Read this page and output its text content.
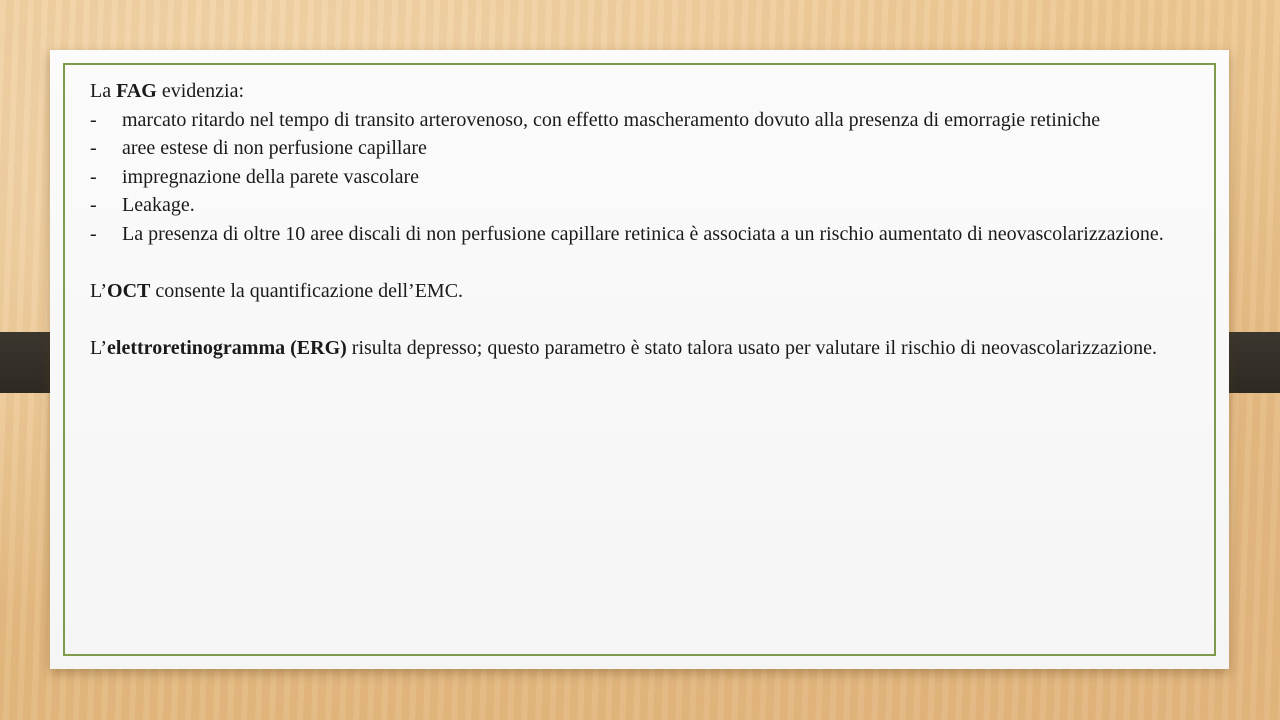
La FAG evidenzia:

- marcato ritardo nel tempo di transito arterovenoso, con effetto mascheramento dovuto alla presenza di emorragie retiniche
- aree estese di non perfusione capillare
- impregnazione della parete vascolare
- Leakage.
- La presenza di oltre 10 aree discali di non perfusione capillare retinica è associata a un rischio aumentato di neovascolarizzazione.

L’OCT consente la quantificazione dell’EMC.

L’elettroretinogramma (ERG) risulta depresso; questo parametro è stato talora usato per valutare il rischio di neovascolarizzazione.
